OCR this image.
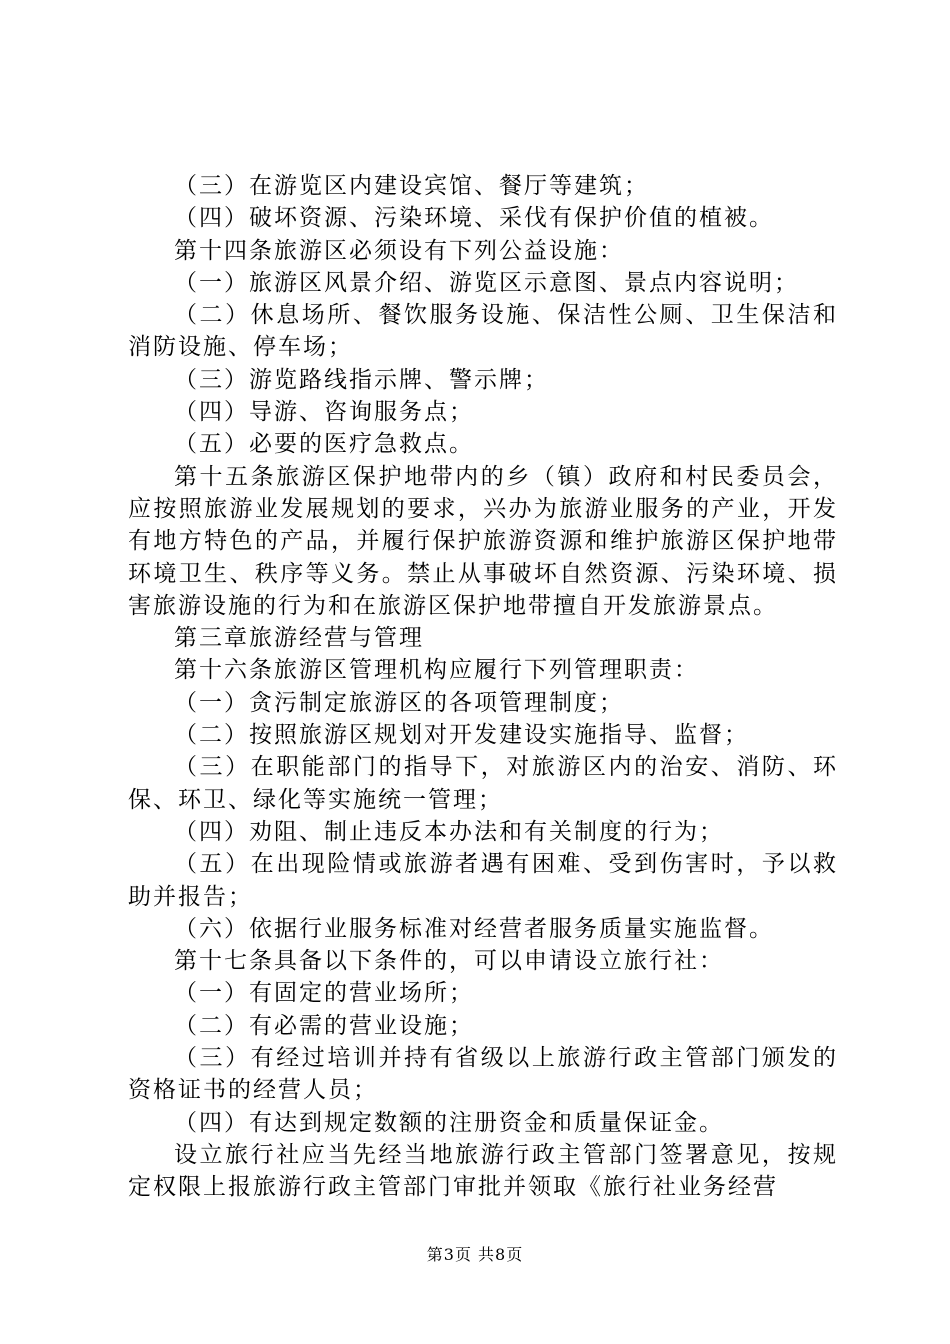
（三）在游览区内建设宾馆、餐厅等建筑；

（四）破坏资源、污染环境、采伐有保护价值的植被。

第十四条旅游区必须设有下列公益设施：

（一）旅游区风景介绍、游览区示意图、景点内容说明；

（二）休息场所、餐饮服务设施、保洁性公厕、卫生保洁和消防设施、停车场；

（三）游览路线指示牌、警示牌；

（四）导游、咨询服务点；

（五）必要的医疗急救点。

第十五条旅游区保护地带内的乡（镇）政府和村民委员会，应按照旅游业发展规划的要求，兴办为旅游业服务的产业，开发有地方特色的产品，并履行保护旅游资源和维护旅游区保护地带环境卫生、秩序等义务。禁止从事破坏自然资源、污染环境、损害旅游设施的行为和在旅游区保护地带擅自开发旅游景点。

第三章旅游经营与管理

第十六条旅游区管理机构应履行下列管理职责：

（一）贪污制定旅游区的各项管理制度；

（二）按照旅游区规划对开发建设实施指导、监督；

（三）在职能部门的指导下，对旅游区内的治安、消防、环保、环卫、绿化等实施统一管理；

（四）劝阻、制止违反本办法和有关制度的行为；

（五）在出现险情或旅游者遇有困难、受到伤害时，予以救助并报告；

（六）依据行业服务标准对经营者服务质量实施监督。

第十七条具备以下条件的，可以申请设立旅行社：

（一）有固定的营业场所；

（二）有必需的营业设施；

（三）有经过培训并持有省级以上旅游行政主管部门颁发的资格证书的经营人员；

（四）有达到规定数额的注册资金和质量保证金。

设立旅行社应当先经当地旅游行政主管部门签署意见，按规定权限上报旅游行政主管部门审批并领取《旅行社业务经营

第3页 共8页
